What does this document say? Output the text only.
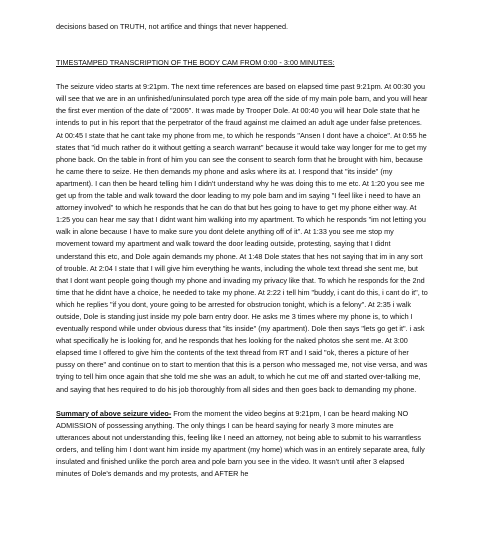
decisions based on TRUTH, not artifice and things that never happened.

TIMESTAMPED TRANSCRIPTION OF THE BODY CAM FROM 0:00 - 3:00 MINUTES:

The seizure video starts at 9:21pm. The next time references are based on elapsed time past 9:21pm. At 00:30 you will see that we are in an unfinished/uninsulated porch type area off the side of my main pole barn, and you will hear the first ever mention of the date of "2005". It was made by Trooper Dole. At 00:40 you will hear Dole state that he intends to put in his report that the perpetrator of the fraud against me claimed an adult age under false pretences. At 00:45 I state that he cant take my phone from me, to which he responds "Ansen I dont have a choice". At 0:55 he states that "id much rather do it without getting a search warrant" because it would take way longer for me to get my phone back. On the table in front of him you can see the consent to search form that he brought with him, because he came there to seize. He then demands my phone and asks where its at. I respond that "its inside" (my apartment). I can then be heard telling him I didn't understand why he was doing this to me etc. At 1:20 you see me get up from the table and walk toward the door leading to my pole barn and im saying "I feel like i need to have an attorney involved" to which he responds that he can do that but hes going to have to get my phone either way. At 1:25 you can hear me say that I didnt want him walking into my apartment. To which he responds "im not letting you walk in alone because I have to make sure you dont delete anything off of it". At 1:33 you see me stop my movement toward my apartment and walk toward the door leading outside, protesting, saying that I didnt understand this etc, and Dole again demands my phone. At 1:48 Dole states that hes not saying that im in any sort of trouble. At 2:04 I state that I will give him everything he wants, including the whole text thread she sent me, but that I dont want people going though my phone and invading my privacy like that. To which he responds for the 2nd time that he didnt have a choice, he needed to take my phone. At 2:22 i tell him "buddy, i cant do this, i cant do it", to which he replies "if you dont, youre going to be arrested for obstrucion tonight, which is a felony". At 2:35 i walk outside, Dole is standing just inside my pole barn entry door. He asks me 3 times where my phone is, to which I eventually respond while under obvious duress that "its inside" (my apartment). Dole then says "lets go get it". i ask what specifically he is looking for, and he responds that hes looking for the naked photos she sent me. At 3:00 elapsed time I offered to give him the contents of the text thread from RT and I said "ok, theres a picture of her pussy on there" and continue on to start to mention that this is a person who messaged me, not vise versa, and was trying to tell him once again that she told me she was an adult, to which he cut me off and started over-talking me, and saying that hes required to do his job thoroughly from all sides and then goes back to demanding my phone.

Summary of above seizure video- From the moment the video begins at 9:21pm, I can be heard making NO ADMISSION of possessing anything. The only things I can be heard saying for nearly 3 more minutes are utterances about not understanding this, feeling like I need an attorney, not being able to submit to his warrantless orders, and telling him I dont want him inside my apartment (my home) which was in an entirely separate area, fully insulated and finished unlike the porch area and pole barn you see in the video. It wasn't until after 3 elapsed minutes of Dole's demands and my protests, and AFTER he
